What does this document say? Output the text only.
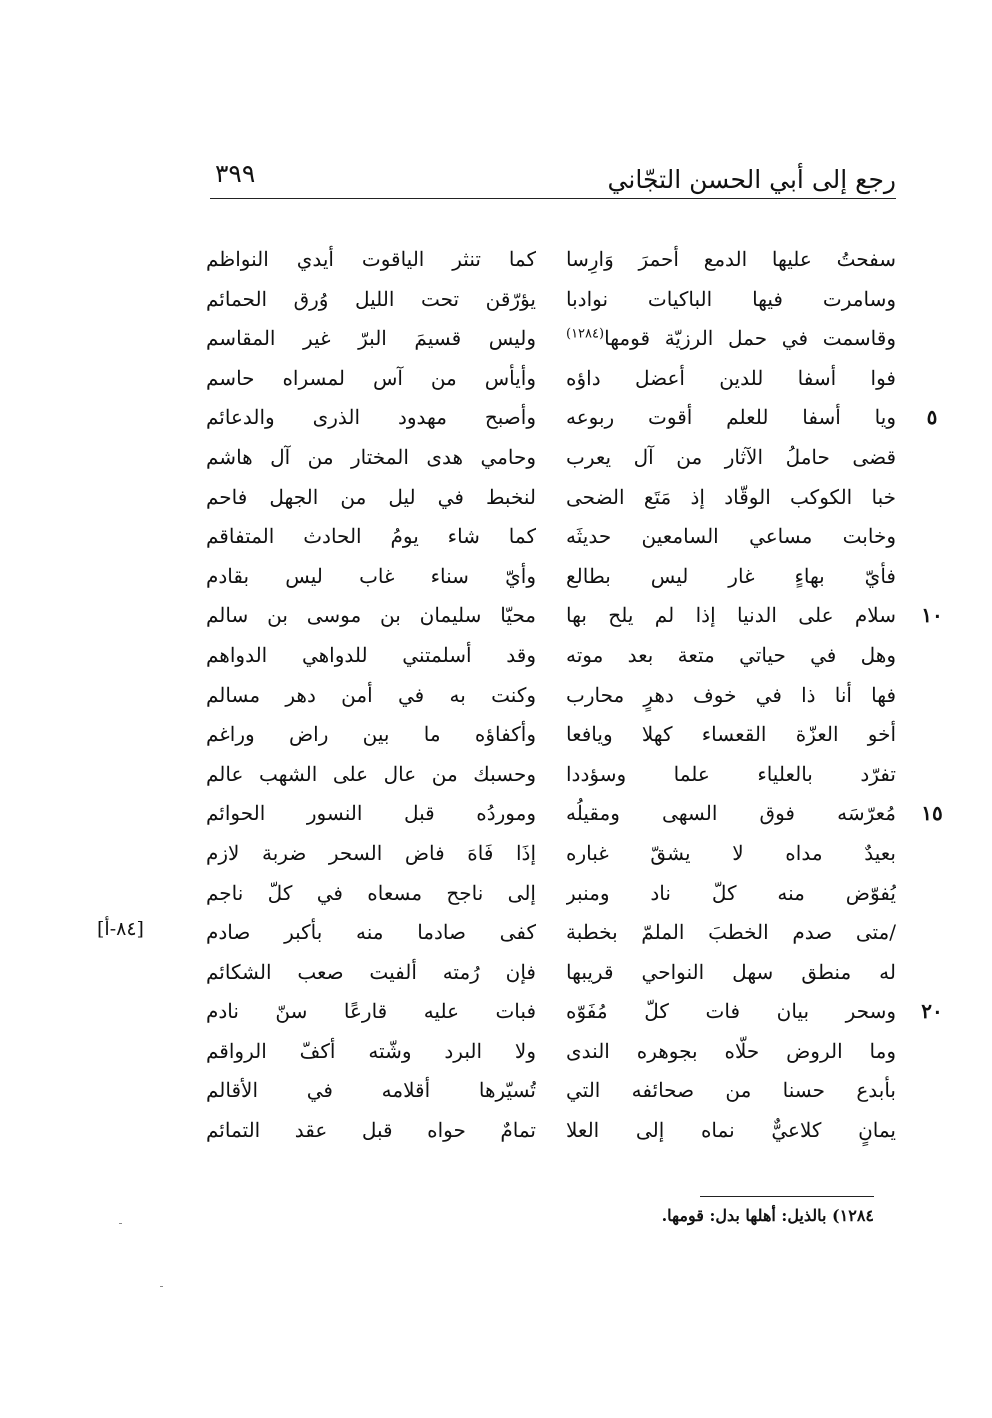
رجع إلى أبي الحسن التجّاني
٣٩٩
سفحتُ عليها الدمع أحمرَ وَارِسا
كما تنثر الياقوت أيدي النواظم
وسامرت فيها الباكيات نوادبا
يؤرّقن تحت الليل وُرق الحمائم
وقاسمت في حمل الرزيّة قومها$^{(١٢٨٤)}$
وليس قسيمَ البرّ غير المقاسم
فوا أسفا للدين أعضل داؤه
وأيأس من آس لمسراه حاسم
٥
ويا أسفا للعلم أقوت ربوعه
وأصبح مهدود الذرى والدعائم
قضى حاملُ الآثار من آل يعرب
وحامي هدى المختار من آل هاشم
خبا الكوكب الوقّاد إذ مَتَع الضحى
لنخبط في ليل من الجهل فاحم
وخابت مساعي السامعين حديثَه
كما شاء يومُ الحادث المتفاقم
فأيّ بهاءٍ غار ليس بطالع
وأيّ سناء غاب ليس بقادم
١٠
سلام على الدنيا إذا لم يلح بها
محيّا سليمان بن موسى بن سالم
وهل في حياتي متعة بعد موته
وقد أسلمتني للدواهي الدواهم
فها أنا ذا في خوف دهرٍ محارب
وكنت به في أمن دهر مسالم
أخو العزّة القعساء كهلا ويافعا
وأكفاؤه ما بين راض وراغم
تفرّد بالعلياء علما وسؤددا
وحسبك من عال على الشهب عالم
١٥
مُعرّسَه فوق السهى ومقيلُه
وموردُه قبل النسور الحوائم
بعيدٌ مداه لا يشقّ غباره
إذَا فَاهَ فاض السحر ضربة لازم
يُفوّض منه كلّ ناد ومنبر
إلى ناجح مسعاه في كلّ ناجم
/متى صدم الخطبَ الملمّ بخطبة
كفى صادما منه بأكبر صادم
له منطق سهل النواحي قريبها
فإن رُمته ألفيت صعب الشكائم
٢٠
وسحر بيان فات كلّ مُفَوّه
فبات عليه قارعًا سنّ نادم
وما الروض حلّاه بجوهره الندى
ولا البرد وشّته أكفّ الرواقم
بأبدع حسنا من صحائفه التي
تُسيّرها أقلامه في الأقالم
يمانٍ كلاعيٌّ نماه إلى العلا
تمامٌ حواه قبل عقد التمائم
[٨٤-أ]
١٢٨٤) بالذيل: أهلها بدل: قومها.
